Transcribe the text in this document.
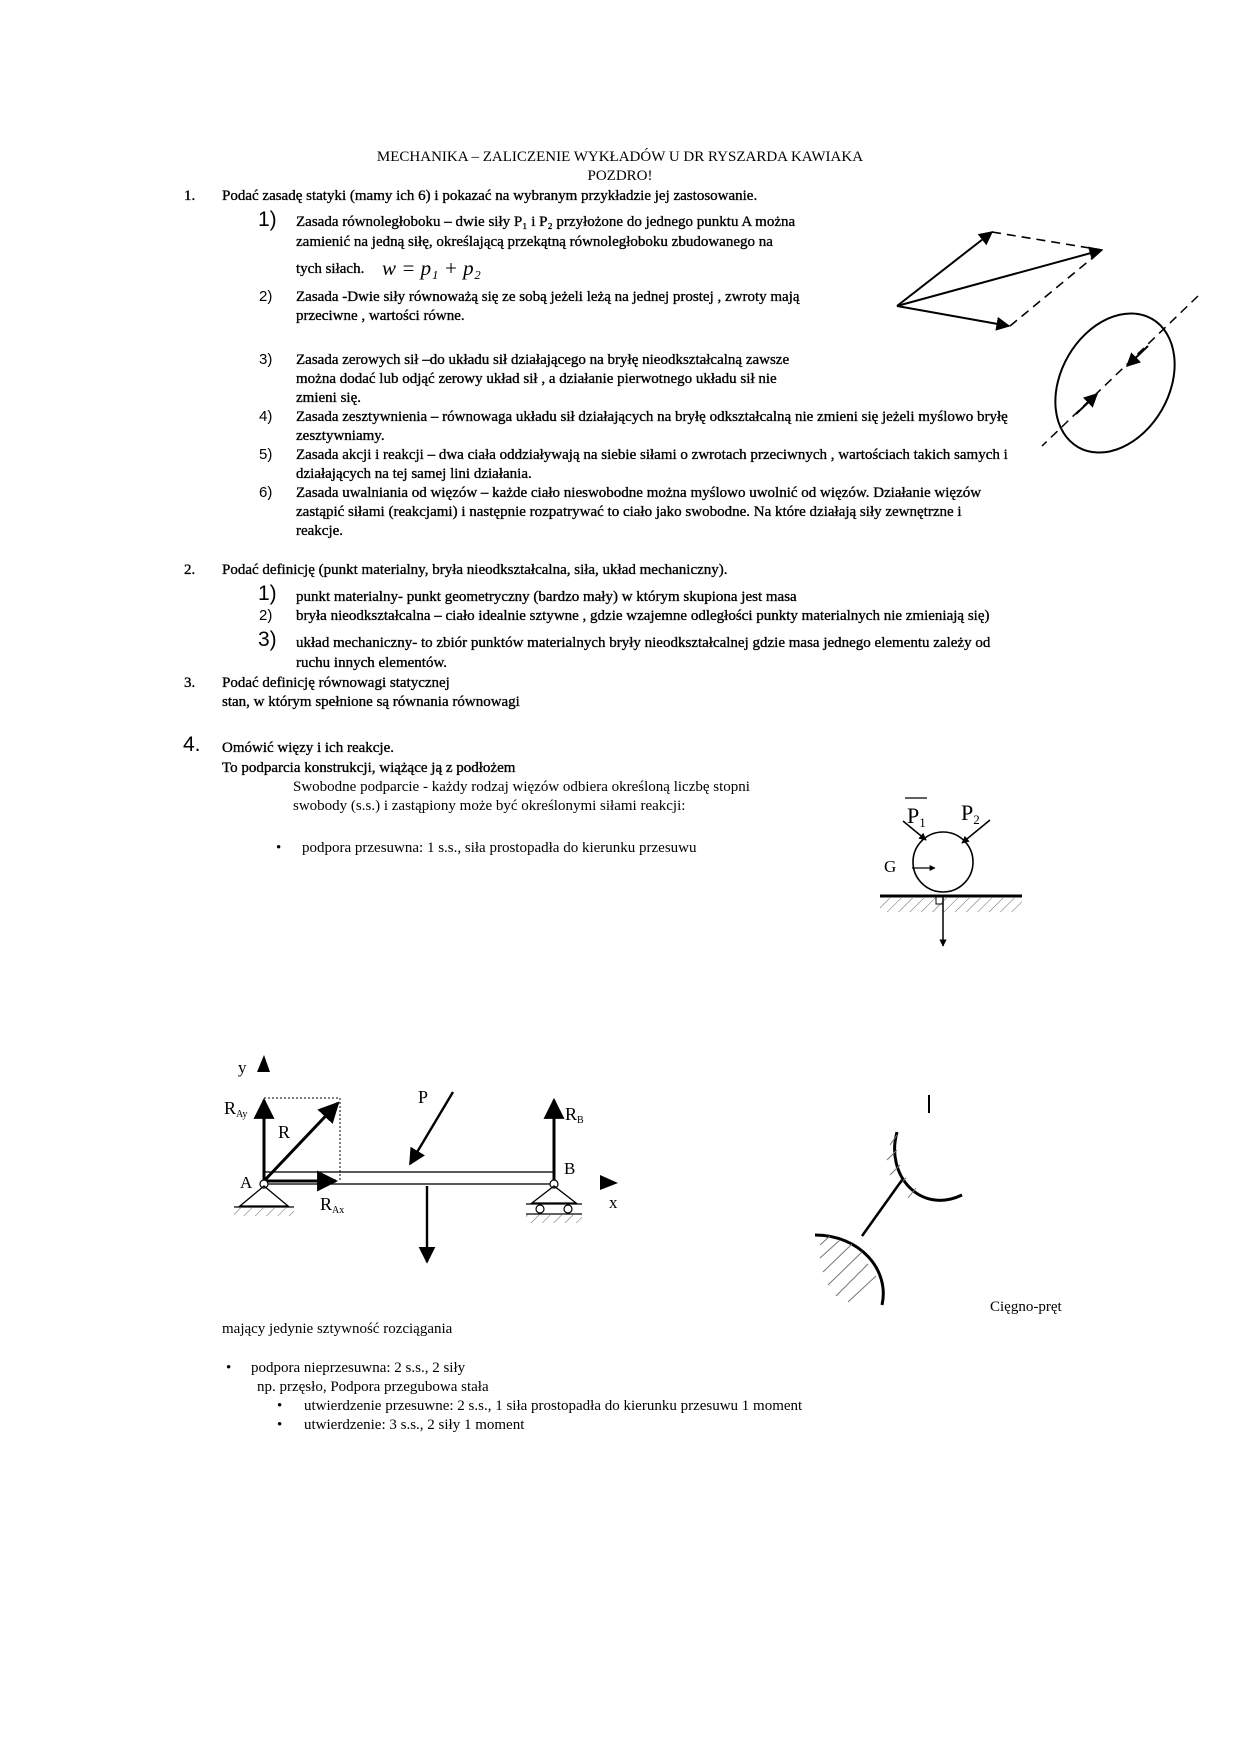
MECHANIKA – ZALICZENIE WYKŁADÓW U DR RYSZARDA KAWIAKA
POZDRO!
1. Podać zasadę statyki (mamy ich 6) i pokazać na wybranym przykładzie jej zastosowanie.
1) Zasada równoległoboku – dwie siły P₁ i P₂ przyłożone do jednego punktu A można
zamienić na jedną siłę, określającą przekątną równoległoboku zbudowanego na
tych siłach. w = p₁ + p₂
2) Zasada -Dwie siły równoważą się ze sobą jeżeli leżą na jednej prostej , zwroty mają
przeciwne , wartości równe.
3) Zasada zerowych sił –do układu sił działającego na bryłę nieodkształcalną zawsze
można dodać lub odjąć zerowy układ sił , a działanie pierwotnego układu sił nie
zmieni się.
4) Zasada zesztywnienia – równowaga układu sił działających na bryłę odkształcalną nie zmieni się jeżeli myślowo bryłę
zesztywniamy.
5) Zasada akcji i reakcji – dwa ciała oddziaływają na siebie siłami o zwrotach przeciwnych , wartościach takich samych i
działających na tej samej lini działania.
6) Zasada uwalniania od więzów – każde ciało nieswobodne można myślowo uwolnić od więzów. Działanie więzów
zastąpić siłami (reakcjami) i następnie rozpatrywać to ciało jako swobodne. Na które działają siły zewnętrzne i
reakcje.
2. Podać definicję (punkt materialny, bryła nieodkształcalna, siła, układ mechaniczny).
1) punkt materialny- punkt geometryczny (bardzo mały) w którym skupiona jest masa
2) bryła nieodkształcalna – ciało idealnie sztywne , gdzie wzajemne odległości punkty materialnych nie zmieniają się)
3) układ mechaniczny- to zbiór punktów materialnych bryły nieodkształcalnej gdzie masa jednego elementu zależy od
ruchu innych elementów.
3. Podać definicję równowagi statycznej
stan, w którym spełnione są równania równowagi
4. Omówić więzy i ich reakcje.
To podparcia konstrukcji, wiążące ją z podłożem
Swobodne podparcie - każdy rodzaj więzów odbiera określoną liczbę stopni
swobody (s.s.) i zastąpiony może być określonymi siłami reakcji:
• podpora przesuwna: 1 s.s., siła prostopadła do kierunku przesuwu
Cięgno-pręt
mający jedynie sztywność rozciągania
• podpora nieprzesuwna: 2 s.s., 2 siły
np. przęsło, Podpora przegubowa stała
• utwierdzenie przesuwne: 2 s.s., 1 siła prostopadła do kierunku przesuwu 1 moment
• utwierdzenie: 3 s.s., 2 siły 1 moment
P1 P2
G
y
x
RAy
R
P
RB
A
B
RAx
